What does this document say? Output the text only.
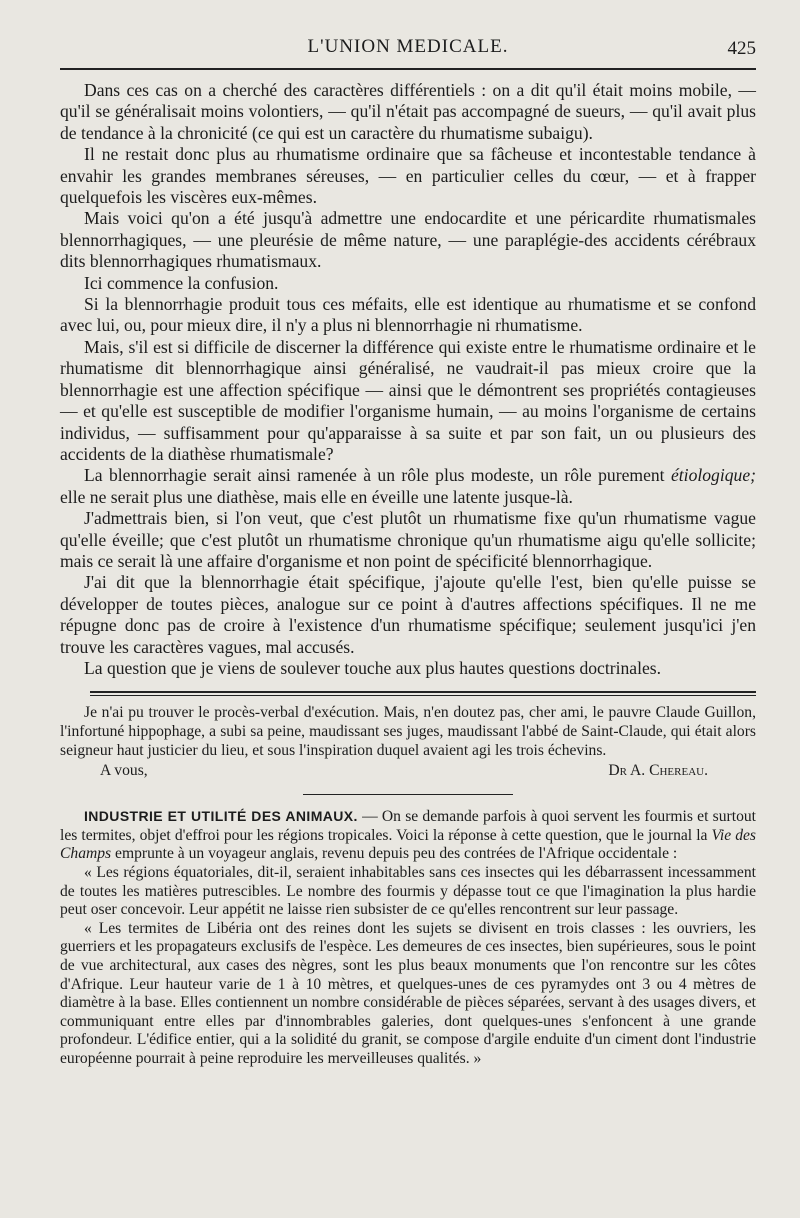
L'UNION MEDICALE.	425

Dans ces cas on a cherché des caractères différentiels : on a dit qu'il était moins mobile, — qu'il se généralisait moins volontiers, — qu'il n'était pas accompagné de sueurs, — qu'il avait plus de tendance à la chronicité (ce qui est un caractère du rhumatisme subaigu).

Il ne restait donc plus au rhumatisme ordinaire que sa fâcheuse et incontestable tendance à envahir les grandes membranes séreuses, — en particulier celles du cœur, — et à frapper quelquefois les viscères eux-mêmes.

Mais voici qu'on a été jusqu'à admettre une endocardite et une péricardite rhumatismales blennorrhagiques, — une pleurésie de même nature, — une paraplégie-des accidents cérébraux dits blennorrhagiques rhumatismaux.

Ici commence la confusion.

Si la blennorrhagie produit tous ces méfaits, elle est identique au rhumatisme et se confond avec lui, ou, pour mieux dire, il n'y a plus ni blennorrhagie ni rhumatisme.

Mais, s'il est si difficile de discerner la différence qui existe entre le rhumatisme ordinaire et le rhumatisme dit blennorrhagique ainsi généralisé, ne vaudrait-il pas mieux croire que la blennorrhagie est une affection spécifique — ainsi que le démontrent ses propriétés contagieuses — et qu'elle est susceptible de modifier l'organisme humain, — au moins l'organisme de certains individus, — suffisamment pour qu'apparaisse à sa suite et par son fait, un ou plusieurs des accidents de la diathèse rhumatismale?

La blennorrhagie serait ainsi ramenée à un rôle plus modeste, un rôle purement étiologique; elle ne serait plus une diathèse, mais elle en éveille une latente jusque-là.

J'admettrais bien, si l'on veut, que c'est plutôt un rhumatisme fixe qu'un rhumatisme vague qu'elle éveille; que c'est plutôt un rhumatisme chronique qu'un rhumatisme aigu qu'elle sollicite; mais ce serait là une affaire d'organisme et non point de spécificité blennorrhagique.

J'ai dit que la blennorrhagie était spécifique, j'ajoute qu'elle l'est, bien qu'elle puisse se développer de toutes pièces, analogue sur ce point à d'autres affections spécifiques. Il ne me répugne donc pas de croire à l'existence d'un rhumatisme spécifique; seulement jusqu'ici j'en trouve les caractères vagues, mal accusés.

La question que je viens de soulever touche aux plus hautes questions doctrinales.

Je n'ai pu trouver le procès-verbal d'exécution. Mais, n'en doutez pas, cher ami, le pauvre Claude Guillon, l'infortuné hippophage, a subi sa peine, maudissant ses juges, maudissant l'abbé de Saint-Claude, qui était alors seigneur haut justicier du lieu, et sous l'inspiration duquel avaient agi les trois échevins.

A vous,	Dr A. Chereau.

INDUSTRIE ET UTILITÉ DES ANIMAUX. — On se demande parfois à quoi servent les fourmis et surtout les termites, objet d'effroi pour les régions tropicales. Voici la réponse à cette question, que le journal la Vie des Champs emprunte à un voyageur anglais, revenu depuis peu des contrées de l'Afrique occidentale :

« Les régions équatoriales, dit-il, seraient inhabitables sans ces insectes qui les débarrassent incessamment de toutes les matières putrescibles. Le nombre des fourmis y dépasse tout ce que l'imagination la plus hardie peut oser concevoir. Leur appétit ne laisse rien subsister de ce qu'elles rencontrent sur leur passage.

« Les termites de Libéria ont des reines dont les sujets se divisent en trois classes : les ouvriers, les guerriers et les propagateurs exclusifs de l'espèce. Les demeures de ces insectes, bien supérieures, sous le point de vue architectural, aux cases des nègres, sont les plus beaux monuments que l'on rencontre sur les côtes d'Afrique. Leur hauteur varie de 1 à 10 mètres, et quelques-unes de ces pyramydes ont 3 ou 4 mètres de diamètre à la base. Elles contiennent un nombre considérable de pièces séparées, servant à des usages divers, et communiquant entre elles par d'innombrables galeries, dont quelques-unes s'enfoncent à une grande profondeur. L'édifice entier, qui a la solidité du granit, se compose d'argile enduite d'un ciment dont l'industrie européenne pourrait à peine reproduire les merveilleuses qualités. »
